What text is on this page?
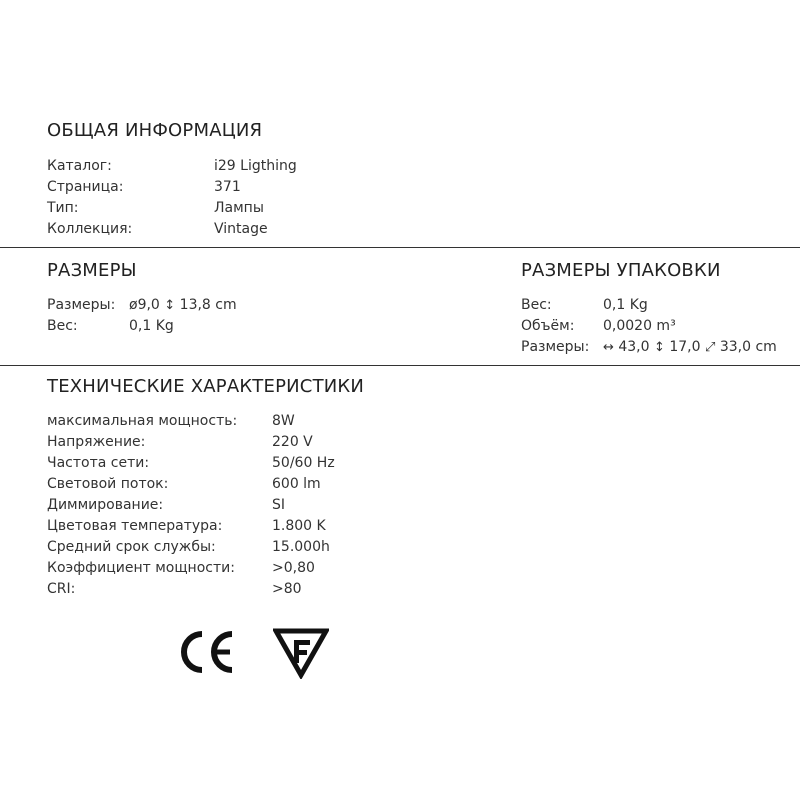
ОБЩАЯ ИНФОРМАЦИЯ
Каталог:	i29 Ligthing
Страница:	371
Тип:	Лампы
Коллекция:	Vintage
РАЗМЕРЫ
Размеры: ø9,0 ↕ 13,8 cm
Вес:	0,1 Kg
РАЗМЕРЫ УПАКОВКИ
Вес:	0,1 Kg
Объём: 0,0020 m³
Размеры: ↔ 43,0 ↕ 17,0 ⤢ 33,0 cm
ТЕХНИЧЕСКИЕ ХАРАКТЕРИСТИКИ
максимальная мощность: 8W
Напряжение:	220 V
Частота сети:	50/60 Hz
Световой поток:	600 lm
Диммирование:	SI
Цветовая температура:	1.800 K
Средний срок службы:	15.000h
Коэффициент мощности:	>0,80
CRI:	>80
